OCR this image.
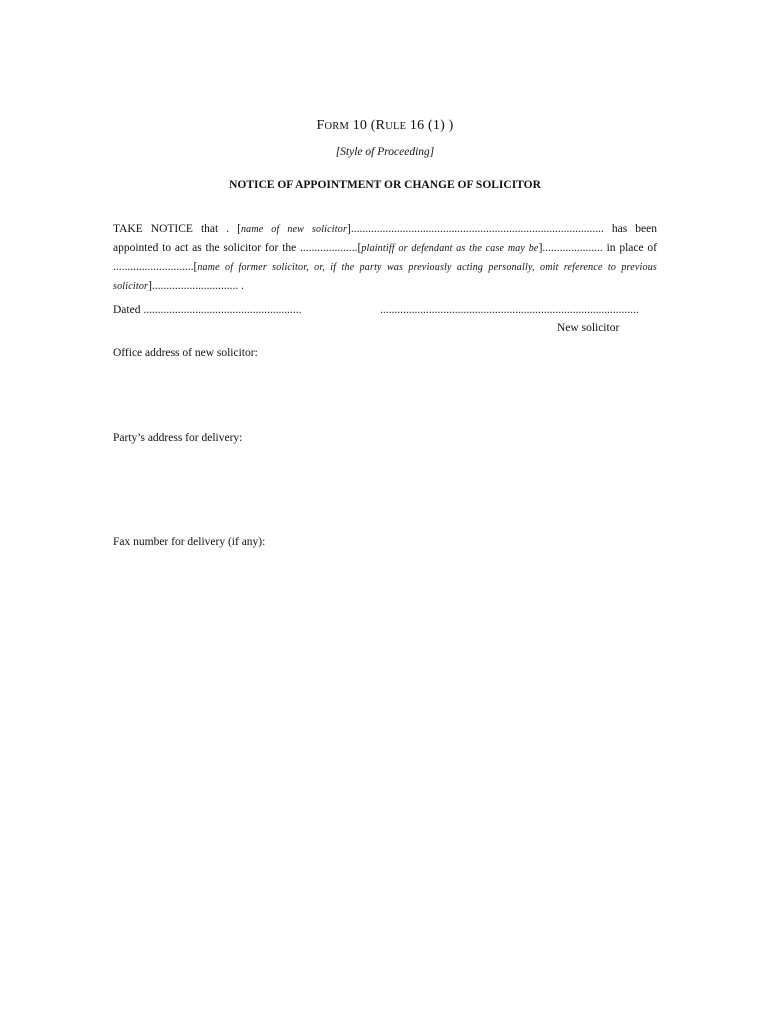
FORM 10 (RULE 16 (1) )
[Style of Proceeding]
NOTICE OF APPOINTMENT OR CHANGE OF SOLICITOR
TAKE NOTICE that . [name of new solicitor]........................................................................................ has been appointed to act as the solicitor for the ....................[plaintiff or defendant as the case may be]..................... in place of ............................[name of former solicitor, or, if the party was previously acting personally, omit reference to previous solicitor].............................. .
Dated .......................................................	..........................................................................................
New solicitor
Office address of new solicitor:
Party’s address for delivery:
Fax number for delivery (if any):
